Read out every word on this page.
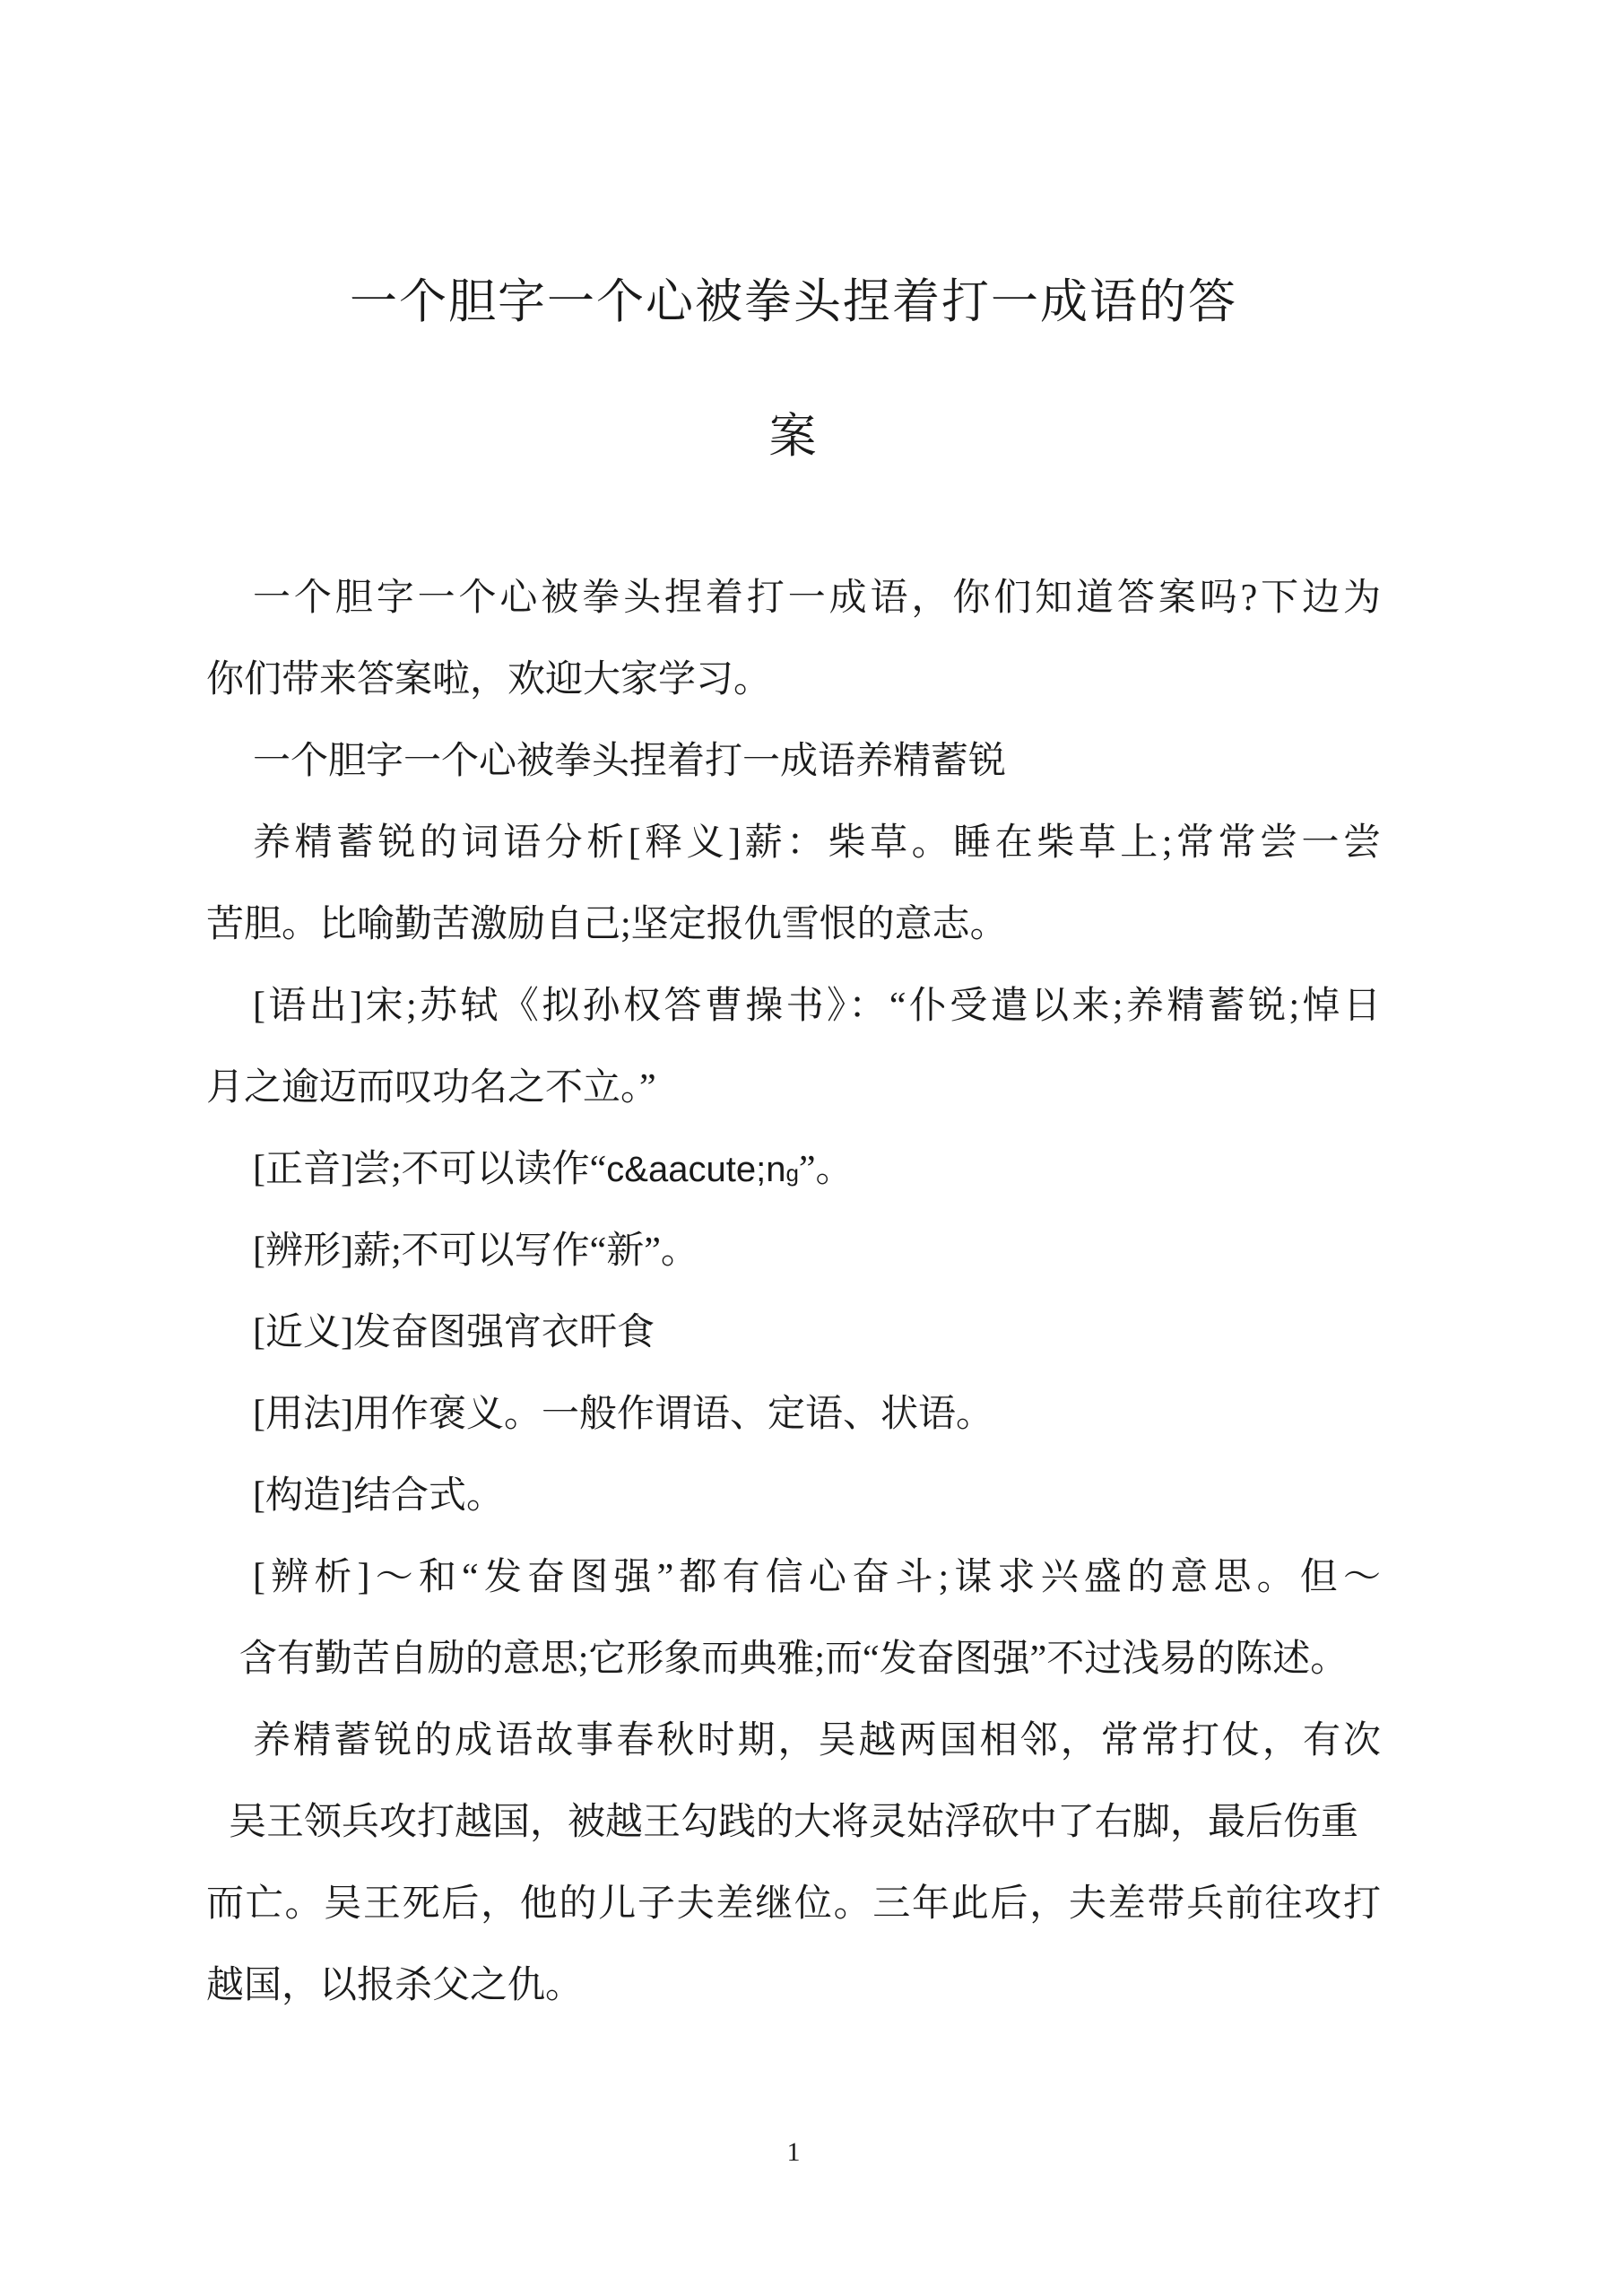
一个胆字一个心被拳头捏着打一成语的答
案
一个胆字一个心被拳头捏着打一成语，你们知道答案吗?下边为
你们带来答案啦，欢迎大家学习。
一个胆字一个心被拳头捏着打一成语养精蓄锐
养精蓄锐的词语分析[释义]薪：柴草。睡在柴草上;常常尝一尝
苦胆。比喻勤苦激励自己;坚定报仇雪恨的意志。
[语出]宋;苏轼《拟孙权答曹操书》：“仆受遣以来;养精蓄锐;悼日
月之逾迈而叹功名之不立。”
[正音]尝;不可以读作“c&aacute;ng”。
[辨形]薪;不可以写作“新”。
[近义]发奋图强宵衣旰食
[用法]用作褒义。一般作谓语、定语、状语。
[构造]结合式。
[辨析]～和“发奋图强”都有信心奋斗;谋求兴盛的意思。但～
含有勤苦自励的意思;它形象而典雅;而“发奋图强”不过浅易的陈述。
养精蓄锐的成语故事春秋时期，吴越两国相邻，常常打仗，有次
吴王领兵攻打越国，被越王勾践的大将灵姑浮砍中了右脚，最后伤重
而亡。吴王死后，他的儿子夫差继位。三年此后，夫差带兵前往攻打
越国，以报杀父之仇。
1
